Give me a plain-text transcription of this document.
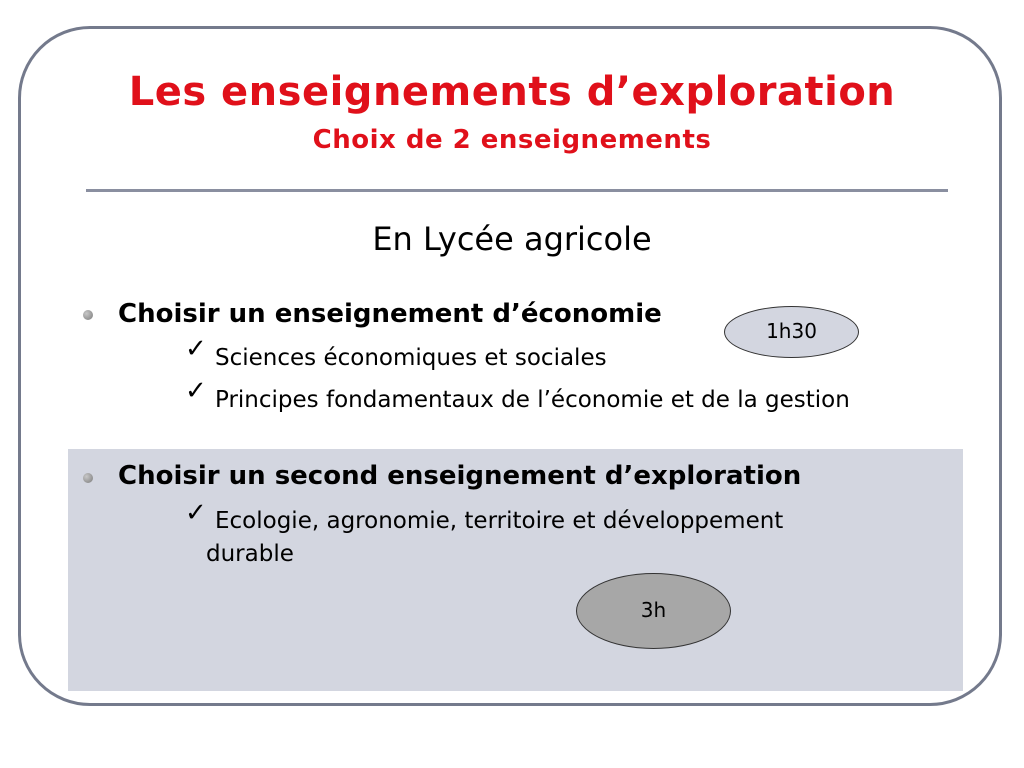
Les enseignements d’exploration
Choix de 2 enseignements
En Lycée agricole
Choisir un enseignement d’économie
✓ Sciences économiques et sociales
✓ Principes fondamentaux de l’économie et de la gestion
1h30
Choisir un second enseignement d’exploration
✓ Ecologie, agronomie, territoire et développement
durable
3h
